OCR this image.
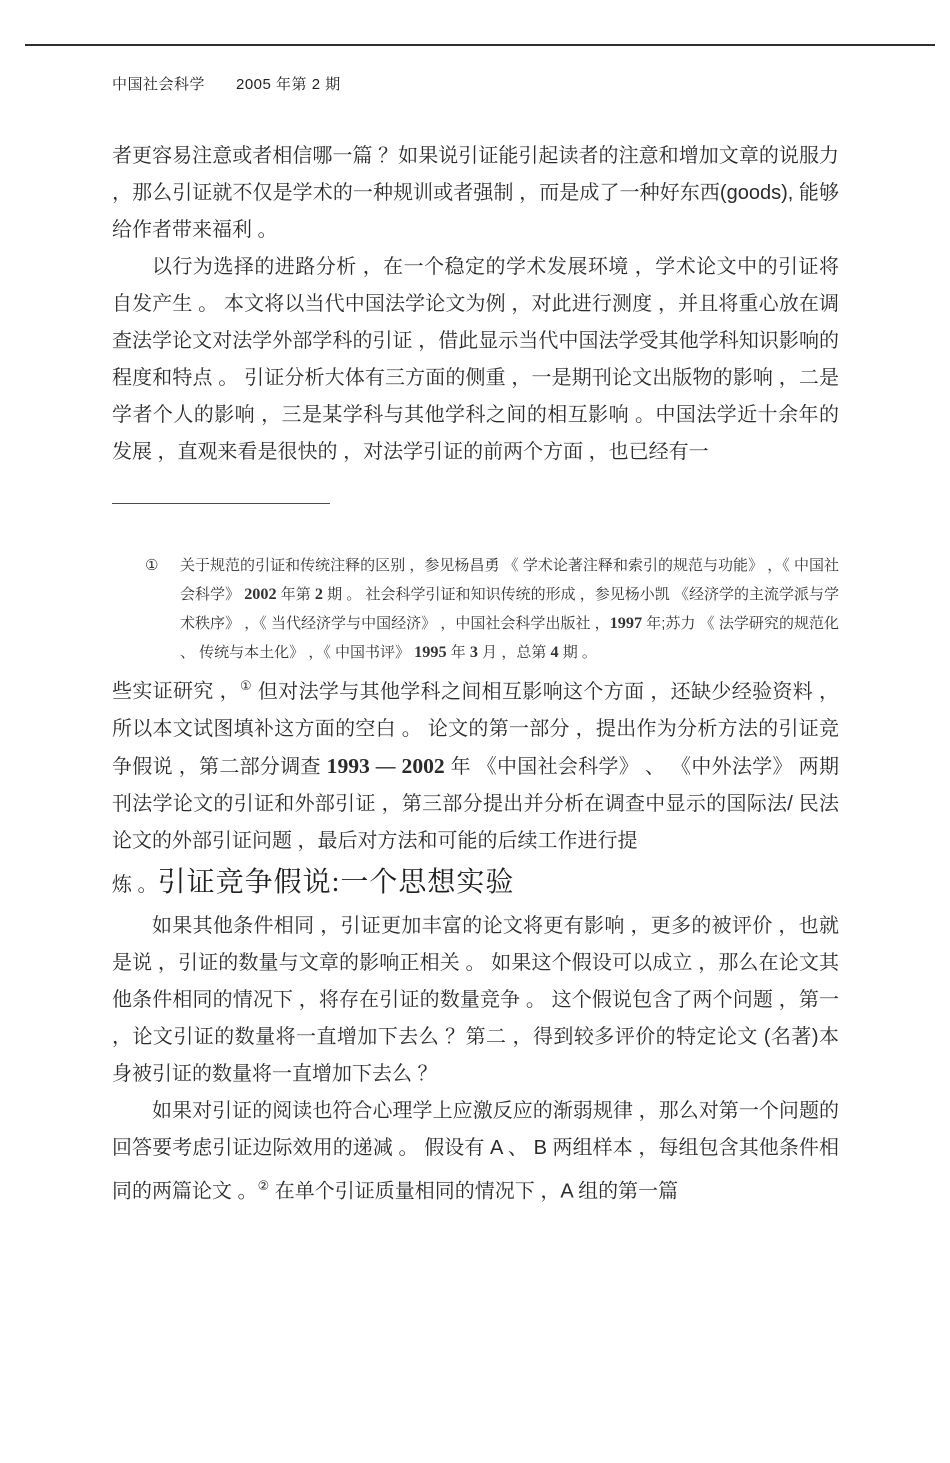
中国社会科学　　2005 年第 2 期

者更容易注意或者相信哪一篇 ？如果说引证能引起读者的注意和增加文章的说服力 ，那么引证就不仅是学术的一种规训或者强制 ，而是成了一种好东西(goods), 能够给作者带来福利 。

以行为选择的进路分析 ，在一个稳定的学术发展环境 ，学术论文中的引证将自发产生 。 本文将以当代中国法学论文为例 ，对此进行测度 ，并且将重心放在调查法学论文对法学外部学科的引证 ，借此显示当代中国法学受其他学科知识影响的程度和特点 。 引证分析大体有三方面的侧重 ，一是期刊论文出版物的影响 ，二是学者个人的影响 ，三是某学科与其他学科之间的相互影响 。中国法学近十余年的发展 ，直观来看是很快的 ，对法学引证的前两个方面 ，也已经有一

① 关于规范的引证和传统注释的区别 ，参见杨昌勇 《 学术论著注释和索引的规范与功能》 ，《 中国社会科学》 2002 年第 2 期 。 社会科学引证和知识传统的形成 ，参见杨小凯 《经济学的主流学派与学术秩序》 ，《 当代经济学与中国经济》 ，中国社会科学出版社 ，1997 年;苏力 《 法学研究的规范化 、 传统与本土化》 ，《 中国书评》 1995 年 3 月 ，总第 4 期 。

些实证研究 ，① 但对法学与其他学科之间相互影响这个方面 ，还缺少经验资料 ，所以本文试图填补这方面的空白 。 论文的第一部分 ，提出作为分析方法的引证竞争假说 ，第二部分调查 1993 — 2002 年 《中国社会科学》 、 《中外法学》 两期刊法学论文的引证和外部引证 ，第三部分提出并分析在调查中显示的国际法/ 民法论文的外部引证问题 ，最后对方法和可能的后续工作进行提

炼 。引证竞争假说:一个思想实验

如果其他条件相同 ，引证更加丰富的论文将更有影响 ，更多的被评价 ，也就是说 ，引证的数量与文章的影响正相关 。 如果这个假设可以成立 ，那么在论文其他条件相同的情况下 ，将存在引证的数量竞争 。 这个假说包含了两个问题 ，第一 ，论文引证的数量将一直增加下去么 ？第二 ，得到较多评价的特定论文 (名著)本身被引证的数量将一直增加下去么 ？

如果对引证的阅读也符合心理学上应激反应的渐弱规律 ，那么对第一个问题的回答要考虑引证边际效用的递减 。 假设有 A 、 B 两组样本 ，每组包含其他条件相同的两篇论文 。② 在单个引证质量相同的情况下 ，A 组的第一篇
